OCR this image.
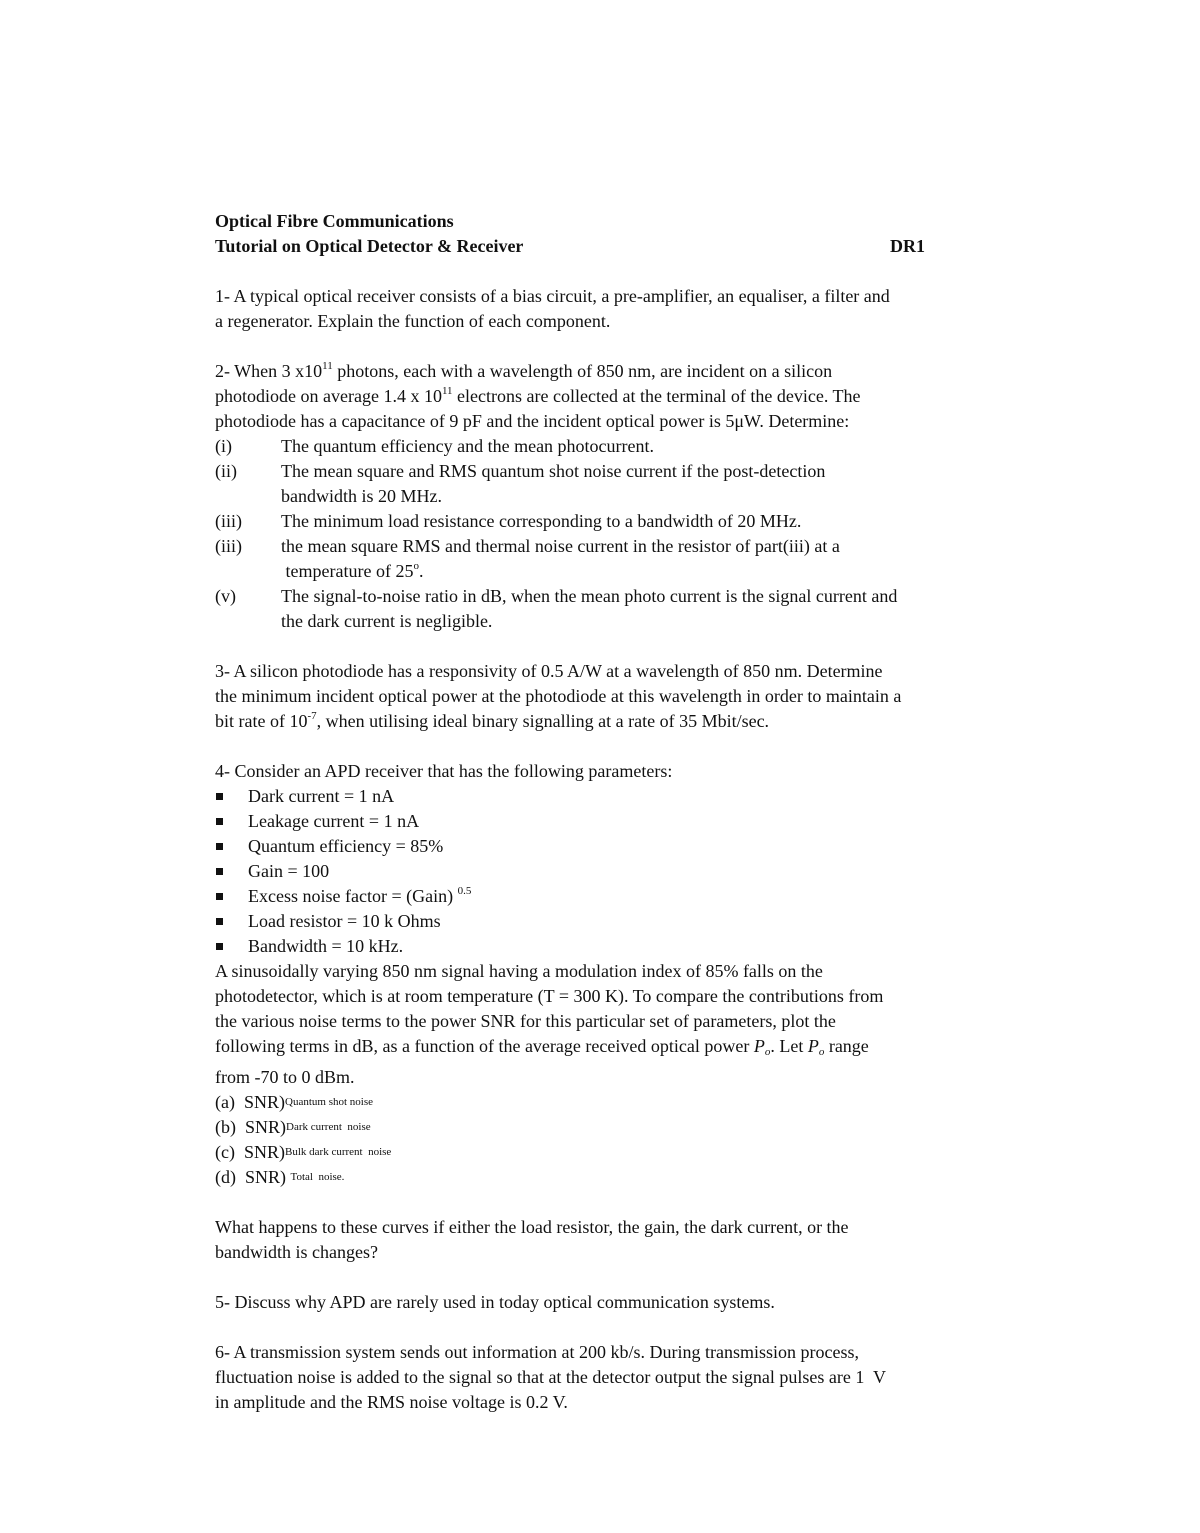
Optical Fibre Communications
Tutorial on Optical Detector & Receiver	DR1
1- A typical optical receiver consists of a bias circuit, a pre-amplifier, an equaliser, a filter and
a regenerator. Explain the function of each component.
2- When 3 $x10^{11}$ photons, each with a wavelength of 850 nm, are incident on a silicon
photodiode on average 1.4 x $10^{11}$ electrons are collected at the terminal of the device. The
photodiode has a capacitance of 9 pF and the incident optical power is 5μW. Determine:
(i)	The quantum efficiency and the mean photocurrent.
(ii)	The mean square and RMS quantum shot noise current if the post-detection
bandwidth is 20 MHz.
(iii)	The minimum load resistance corresponding to a bandwidth of 20 MHz.
(iii)	the mean square RMS and thermal noise current in the resistor of part(iii) at a
temperature of 25$^o$.
(v)	The signal-to-noise ratio in dB, when the mean photo current is the signal current and
the dark current is negligible.
3- A silicon photodiode has a responsivity of 0.5 A/W at a wavelength of 850 nm. Determine
the minimum incident optical power at the photodiode at this wavelength in order to maintain a
bit rate of $10^{-7}$, when utilising ideal binary signalling at a rate of 35 Mbit/sec.
4- Consider an APD receiver that has the following parameters:
Dark current = 1 nA
Leakage current = 1 nA
Quantum efficiency = 85%
Gain = 100
Excess noise factor = (Gain) $^{0.5}$
Load resistor = 10 k Ohms
Bandwidth = 10 kHz.
A sinusoidally varying 850 nm signal having a modulation index of 85% falls on the
photodetector, which is at room temperature (T = 300 K). To compare the contributions from
the various noise terms to the power SNR for this particular set of parameters, plot the
following terms in dB, as a function of the average received optical power Po. Let Po range
from -70 to 0 dBm.
(a)  SNR) Quantum shot noise
(b)  SNR) Dark current  noise
(c)  SNR) Bulk dark current  noise
(d)  SNR) Total  noise.
What happens to these curves if either the load resistor, the gain, the dark current, or the
bandwidth is changes?
5- Discuss why APD are rarely used in today optical communication systems.
6- A transmission system sends out information at 200 kb/s. During transmission process,
fluctuation noise is added to the signal so that at the detector output the signal pulses are 1  V
in amplitude and the RMS noise voltage is 0.2 V.
